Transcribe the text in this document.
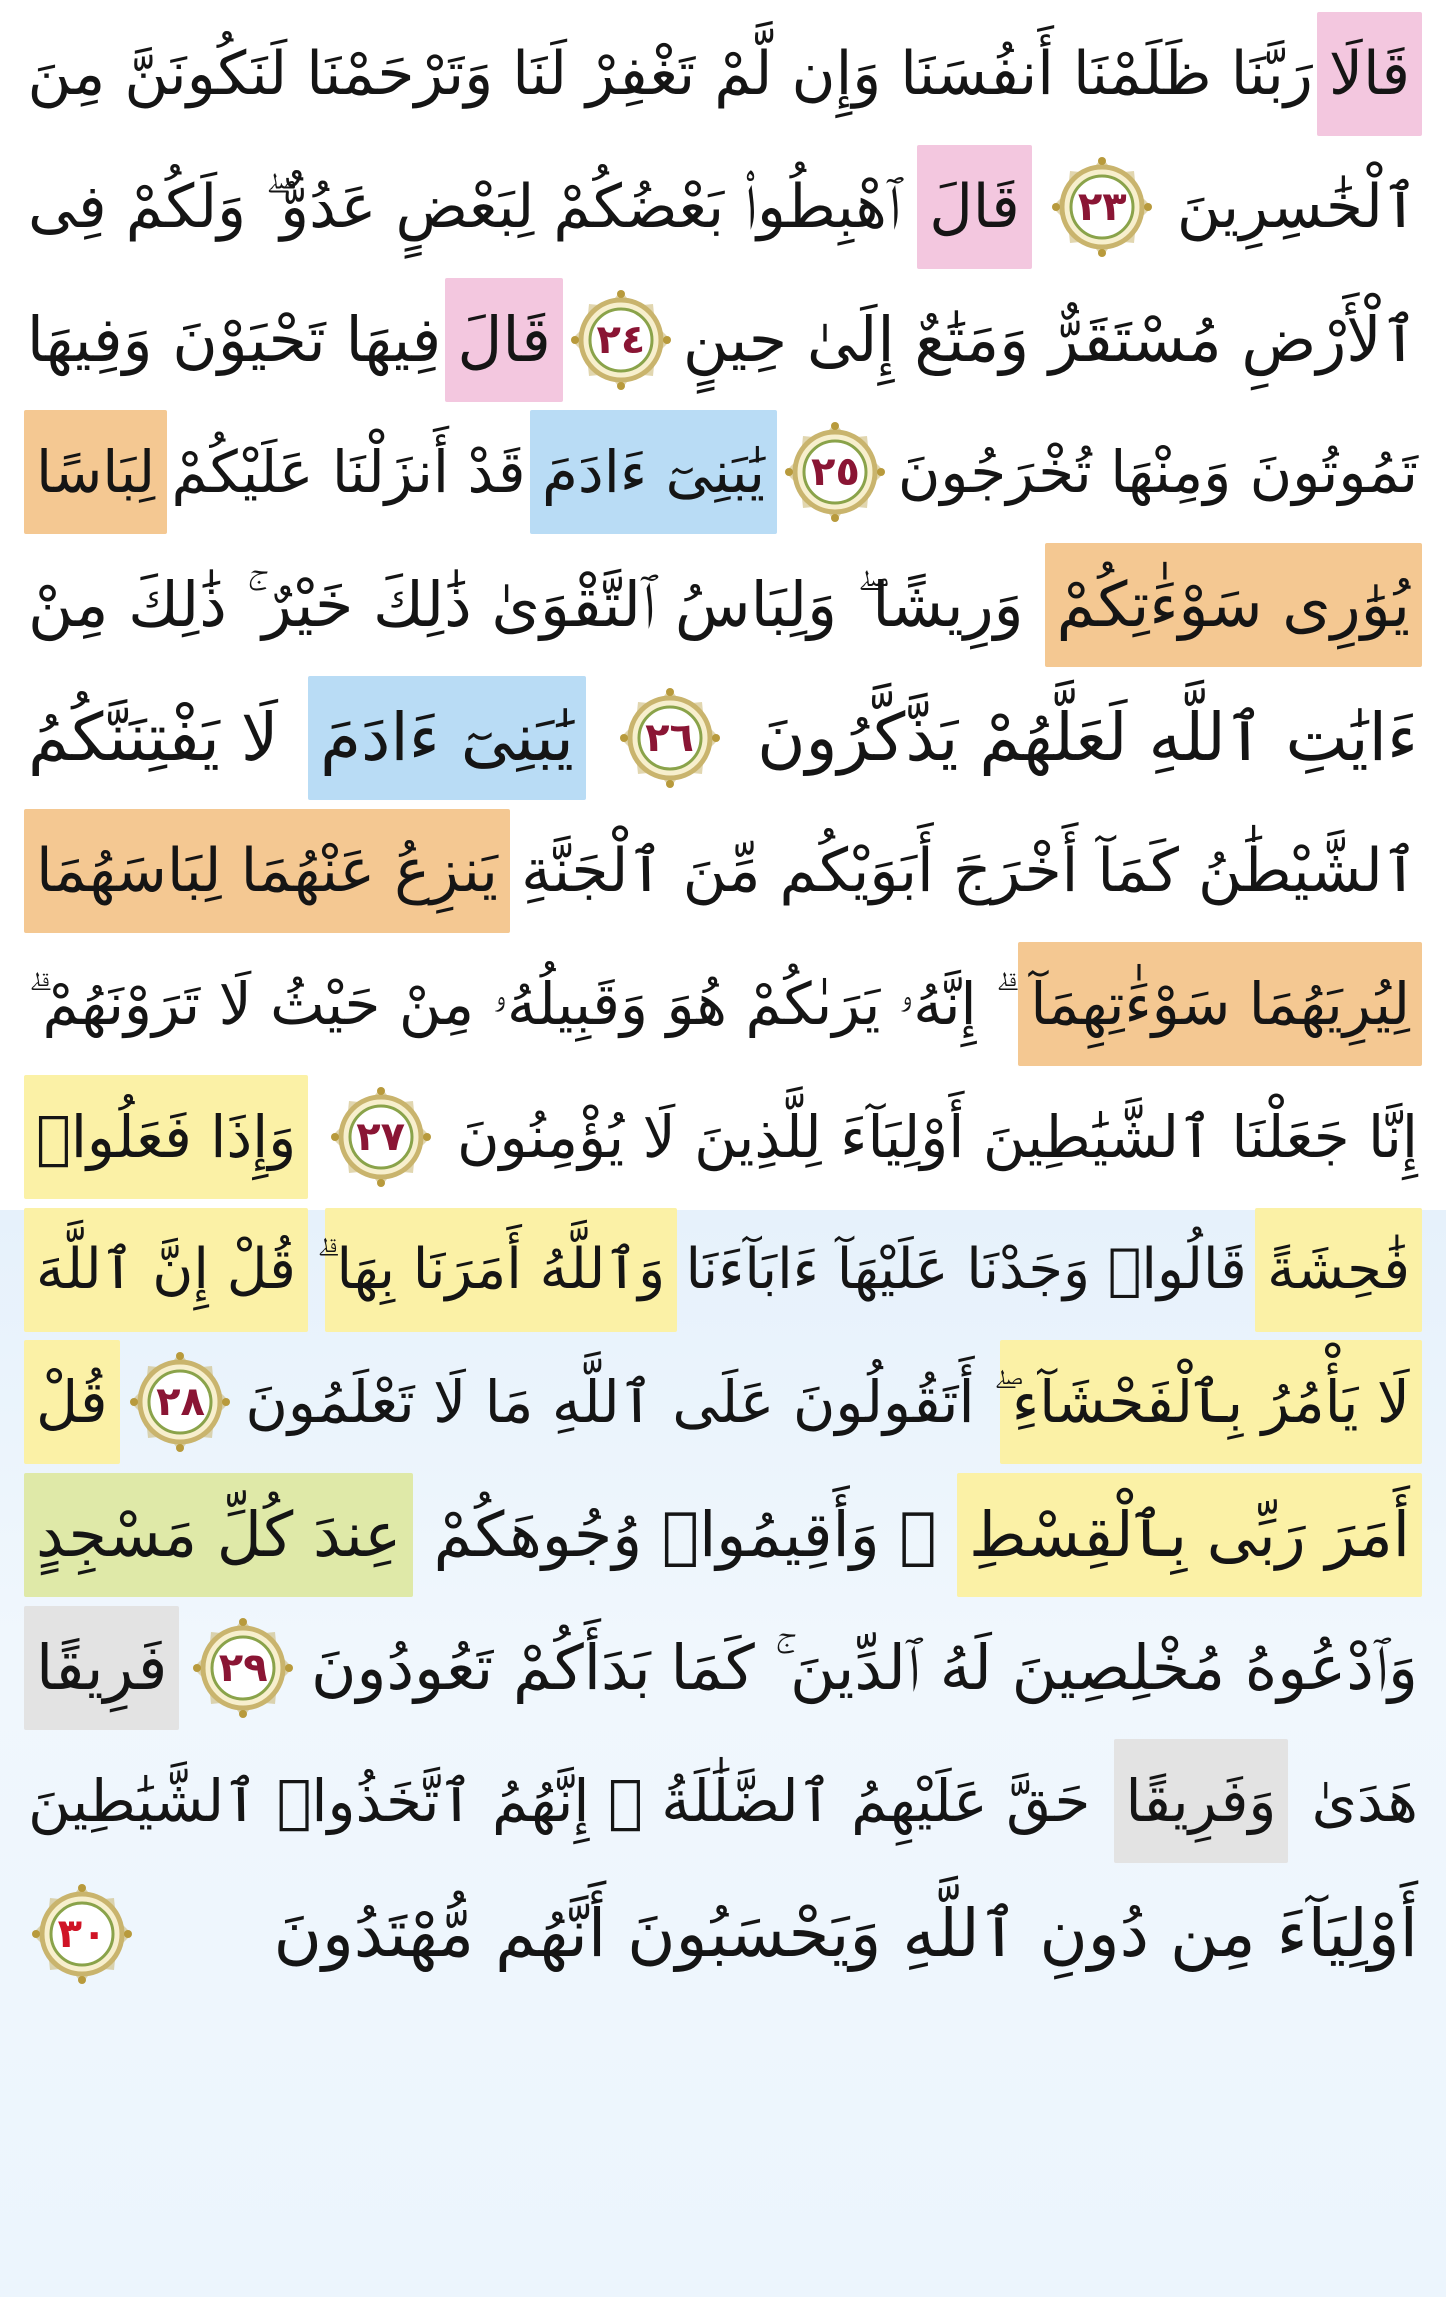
قَالَا
رَبَّنَا ظَلَمْنَا أَنفُسَنَا وَإِن لَّمْ تَغْفِرْ لَنَا وَتَرْحَمْنَا لَنَكُونَنَّ مِنَ
ٱلْخَٰسِرِينَ
٢٣
قَالَ
ٱهْبِطُوا۟ بَعْضُكُمْ لِبَعْضٍ عَدُوٌّ ۖ وَلَكُمْ فِى
ٱلْأَرْضِ مُسْتَقَرٌّ وَمَتَٰعٌ إِلَىٰ حِينٍ
٢٤
قَالَ
فِيهَا تَحْيَوْنَ وَفِيهَا
تَمُوتُونَ وَمِنْهَا تُخْرَجُونَ
٢٥
يَٰبَنِىٓ ءَادَمَ
قَدْ أَنزَلْنَا عَلَيْكُمْ
لِبَاسًا
يُوَٰرِى سَوْءَٰتِكُمْ
وَرِيشًا ۖ وَلِبَاسُ ٱلتَّقْوَىٰ ذَٰلِكَ خَيْرٌ ۚ ذَٰلِكَ مِنْ
ءَايَٰتِ ٱللَّهِ لَعَلَّهُمْ يَذَّكَّرُونَ
٢٦
يَٰبَنِىٓ ءَادَمَ
لَا يَفْتِنَنَّكُمُ
ٱلشَّيْطَٰنُ كَمَآ أَخْرَجَ أَبَوَيْكُم مِّنَ ٱلْجَنَّةِ
يَنزِعُ عَنْهُمَا لِبَاسَهُمَا
لِيُرِيَهُمَا سَوْءَٰتِهِمَآ
ۗ إِنَّهُۥ يَرَىٰكُمْ هُوَ وَقَبِيلُهُۥ مِنْ حَيْثُ لَا تَرَوْنَهُمْ ۗ
إِنَّا جَعَلْنَا ٱلشَّيَٰطِينَ أَوْلِيَآءَ لِلَّذِينَ لَا يُؤْمِنُونَ
٢٧
وَإِذَا فَعَلُوا۟
فَٰحِشَةً
قَالُوا۟ وَجَدْنَا عَلَيْهَآ ءَابَآءَنَا
وَٱللَّهُ أَمَرَنَا بِهَا
قُلْ إِنَّ ٱللَّهَ
لَا يَأْمُرُ بِٱلْفَحْشَآءِ
ۖ أَتَقُولُونَ عَلَى ٱللَّهِ مَا لَا تَعْلَمُونَ
٢٨
قُلْ
أَمَرَ رَبِّى بِٱلْقِسْطِ
ۖ وَأَقِيمُوا۟ وُجُوهَكُمْ
عِندَ كُلِّ مَسْجِدٍ
وَٱدْعُوهُ مُخْلِصِينَ لَهُ ٱلدِّينَ ۚ كَمَا بَدَأَكُمْ تَعُودُونَ
٢٩
فَرِيقًا
هَدَىٰ
وَفَرِيقًا
حَقَّ عَلَيْهِمُ ٱلضَّلَٰلَةُ ۗ إِنَّهُمُ ٱتَّخَذُوا۟ ٱلشَّيَٰطِينَ
أَوْلِيَآءَ مِن دُونِ ٱللَّهِ وَيَحْسَبُونَ أَنَّهُم مُّهْتَدُونَ
٣٠
